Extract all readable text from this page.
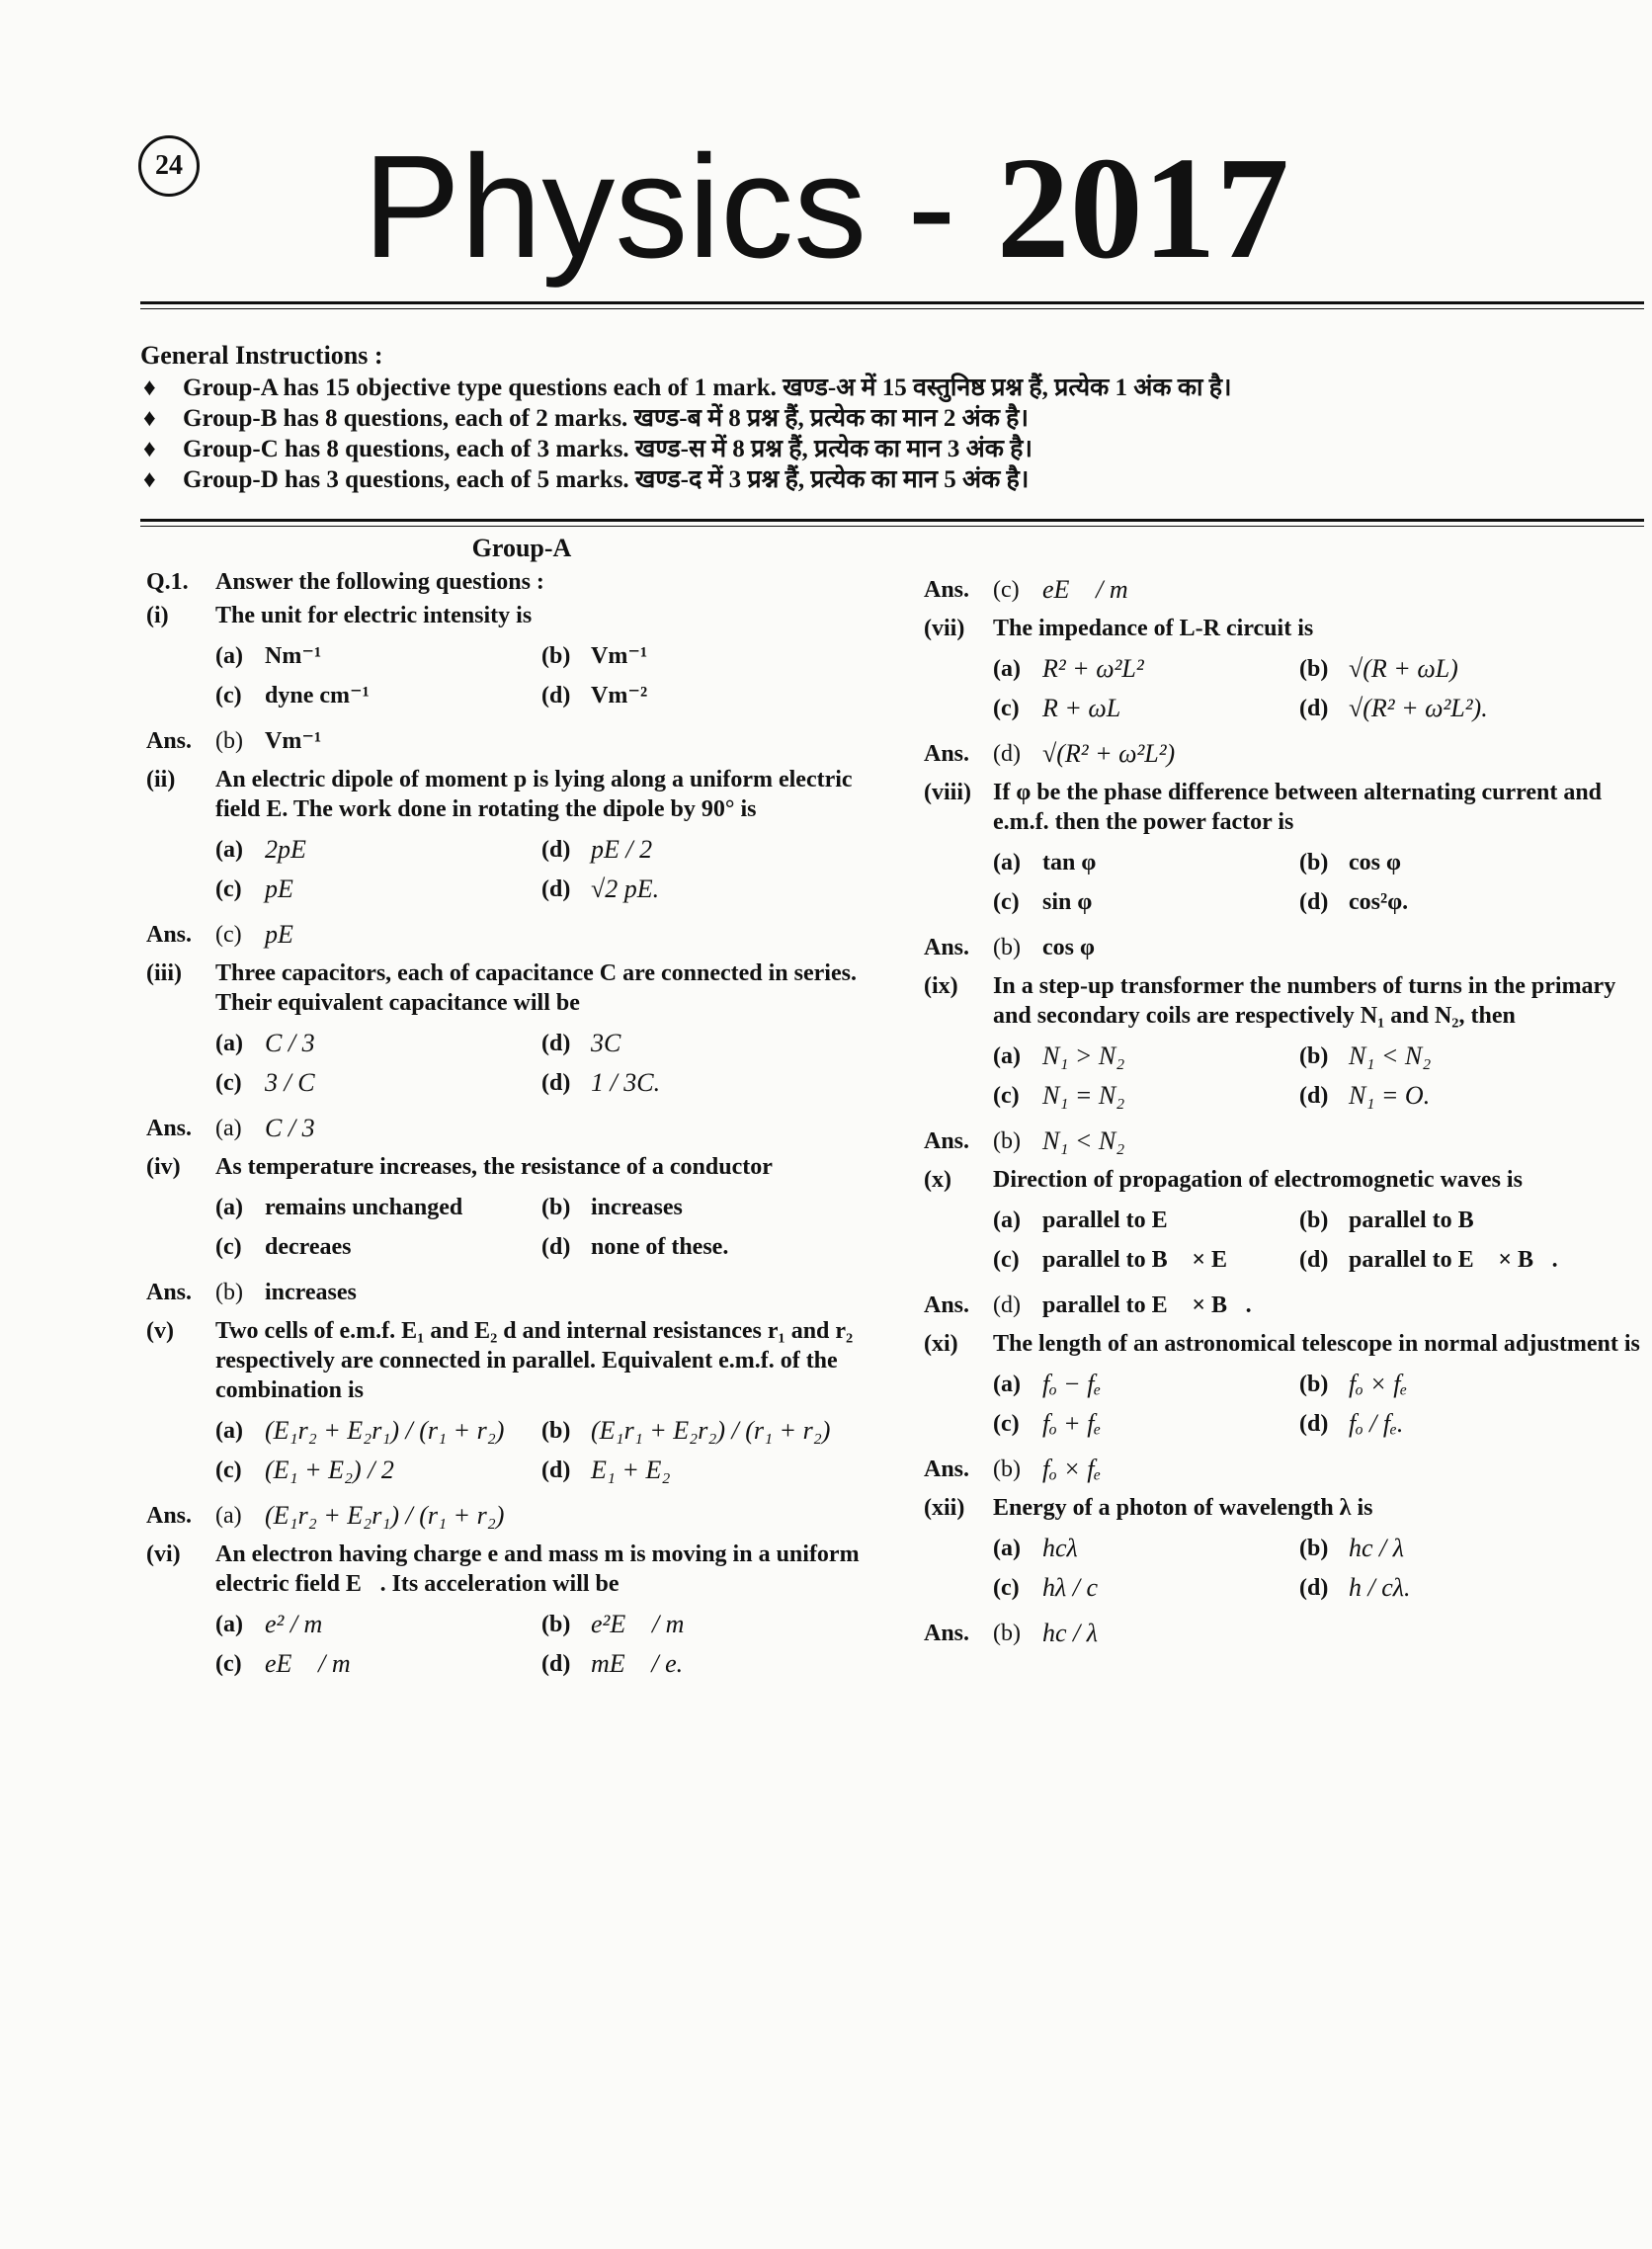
24	Physics - 2017
General Instructions :
♦ Group-A has 15 objective type questions each of 1 mark. खण्ड-अ में 15 वस्तुनिष्ठ प्रश्न हैं, प्रत्येक 1 अंक का है।
♦ Group-B has 8 questions, each of 2 marks. खण्ड-ब में 8 प्रश्न हैं, प्रत्येक का मान 2 अंक है।
♦ Group-C has 8 questions, each of 3 marks. खण्ड-स में 8 प्रश्न हैं, प्रत्येक का मान 3 अंक है।
♦ Group-D has 3 questions, each of 5 marks. खण्ड-द में 3 प्रश्न हैं, प्रत्येक का मान 5 अंक है।
Group-A
Q.1. Answer the following questions :
(i) The unit for electric intensity is
(a) Nm⁻¹	(b) Vm⁻¹
(c) dyne cm⁻¹	(d) Vm⁻²
Ans. (b) Vm⁻¹
(ii) An electric dipole of moment p is lying along a uniform electric field E. The work done in rotating the dipole by 90° is
(a) 2pE	(d) pE / 2
(c) pE	(d) √2 pE.
Ans. (c) pE
(iii) Three capacitors, each of capacitance C are connected in series. Their equivalent capacitance will be
(a) C / 3	(d) 3C
(c) 3 / C	(d) 1 / 3C.
Ans. (a) C / 3
(iv) As temperature increases, the resistance of a conductor
(a) remains unchanged	(b) increases
(c) decreaes	(d) none of these.
Ans. (b) increases
(v) Two cells of e.m.f. E₁ and E₂ d and internal resistances r₁ and r₂ respectively are connected in parallel. Equivalent e.m.f. of the combination is
(a) (E₁r₂ + E₂r₁) / (r₁ + r₂) (b) (E₁r₁ + E₂r₂) / (r₁ + r₂)
(c) (E₁ + E₂) / 2	(d) E₁ + E₂
Ans. (a) (E₁r₂ + E₂r₁) / (r₁ + r₂)
(vi) An electron having charge e and mass m is moving in a uniform electric field E⃗. Its acceleration will be
(a) e² / m	(b) e²E⃗ / m
(c) eE⃗ / m	(d) mE⃗ / e.
Ans. (c) eE⃗ / m
(vii) The impedance of L-R circuit is
(a) R² + ω²L²	(b) √(R + ωL)
(c) R + ωL	(d) √(R² + ω²L²).
Ans. (d) √(R² + ω²L²)
(viii) If φ be the phase difference between alternating current and e.m.f. then the power factor is
(a) tan φ	(b) cos φ
(c) sin φ	(d) cos²φ.
Ans. (b) cos φ
(ix) In a step-up transformer the numbers of turns in the primary and secondary coils are respectively N₁ and N₂, then
(a) N₁ > N₂	(b) N₁ < N₂
(c) N₁ = N₂	(d) N₁ = O.
Ans. (b) N₁ < N₂
(x) Direction of propagation of electromognetic waves is
(a) parallel to E⃗	(b) parallel to B⃗
(c) parallel to B⃗ × E⃗ (d) parallel to E⃗ × B⃗.
Ans. (d) parallel to E⃗ × B⃗.
(xi) The length of an astronomical telescope in normal adjustment is
(a) fₒ − fₑ	(b) fₒ × fₑ
(c) fₒ + fₑ	(d) fₒ / fₑ.
Ans. (b) fₒ × fₑ
(xii) Energy of a photon of wavelength λ is
(a) hcλ	(b) hc / λ
(c) hλ / c	(d) h / cλ.
Ans. (b) hc / λ
